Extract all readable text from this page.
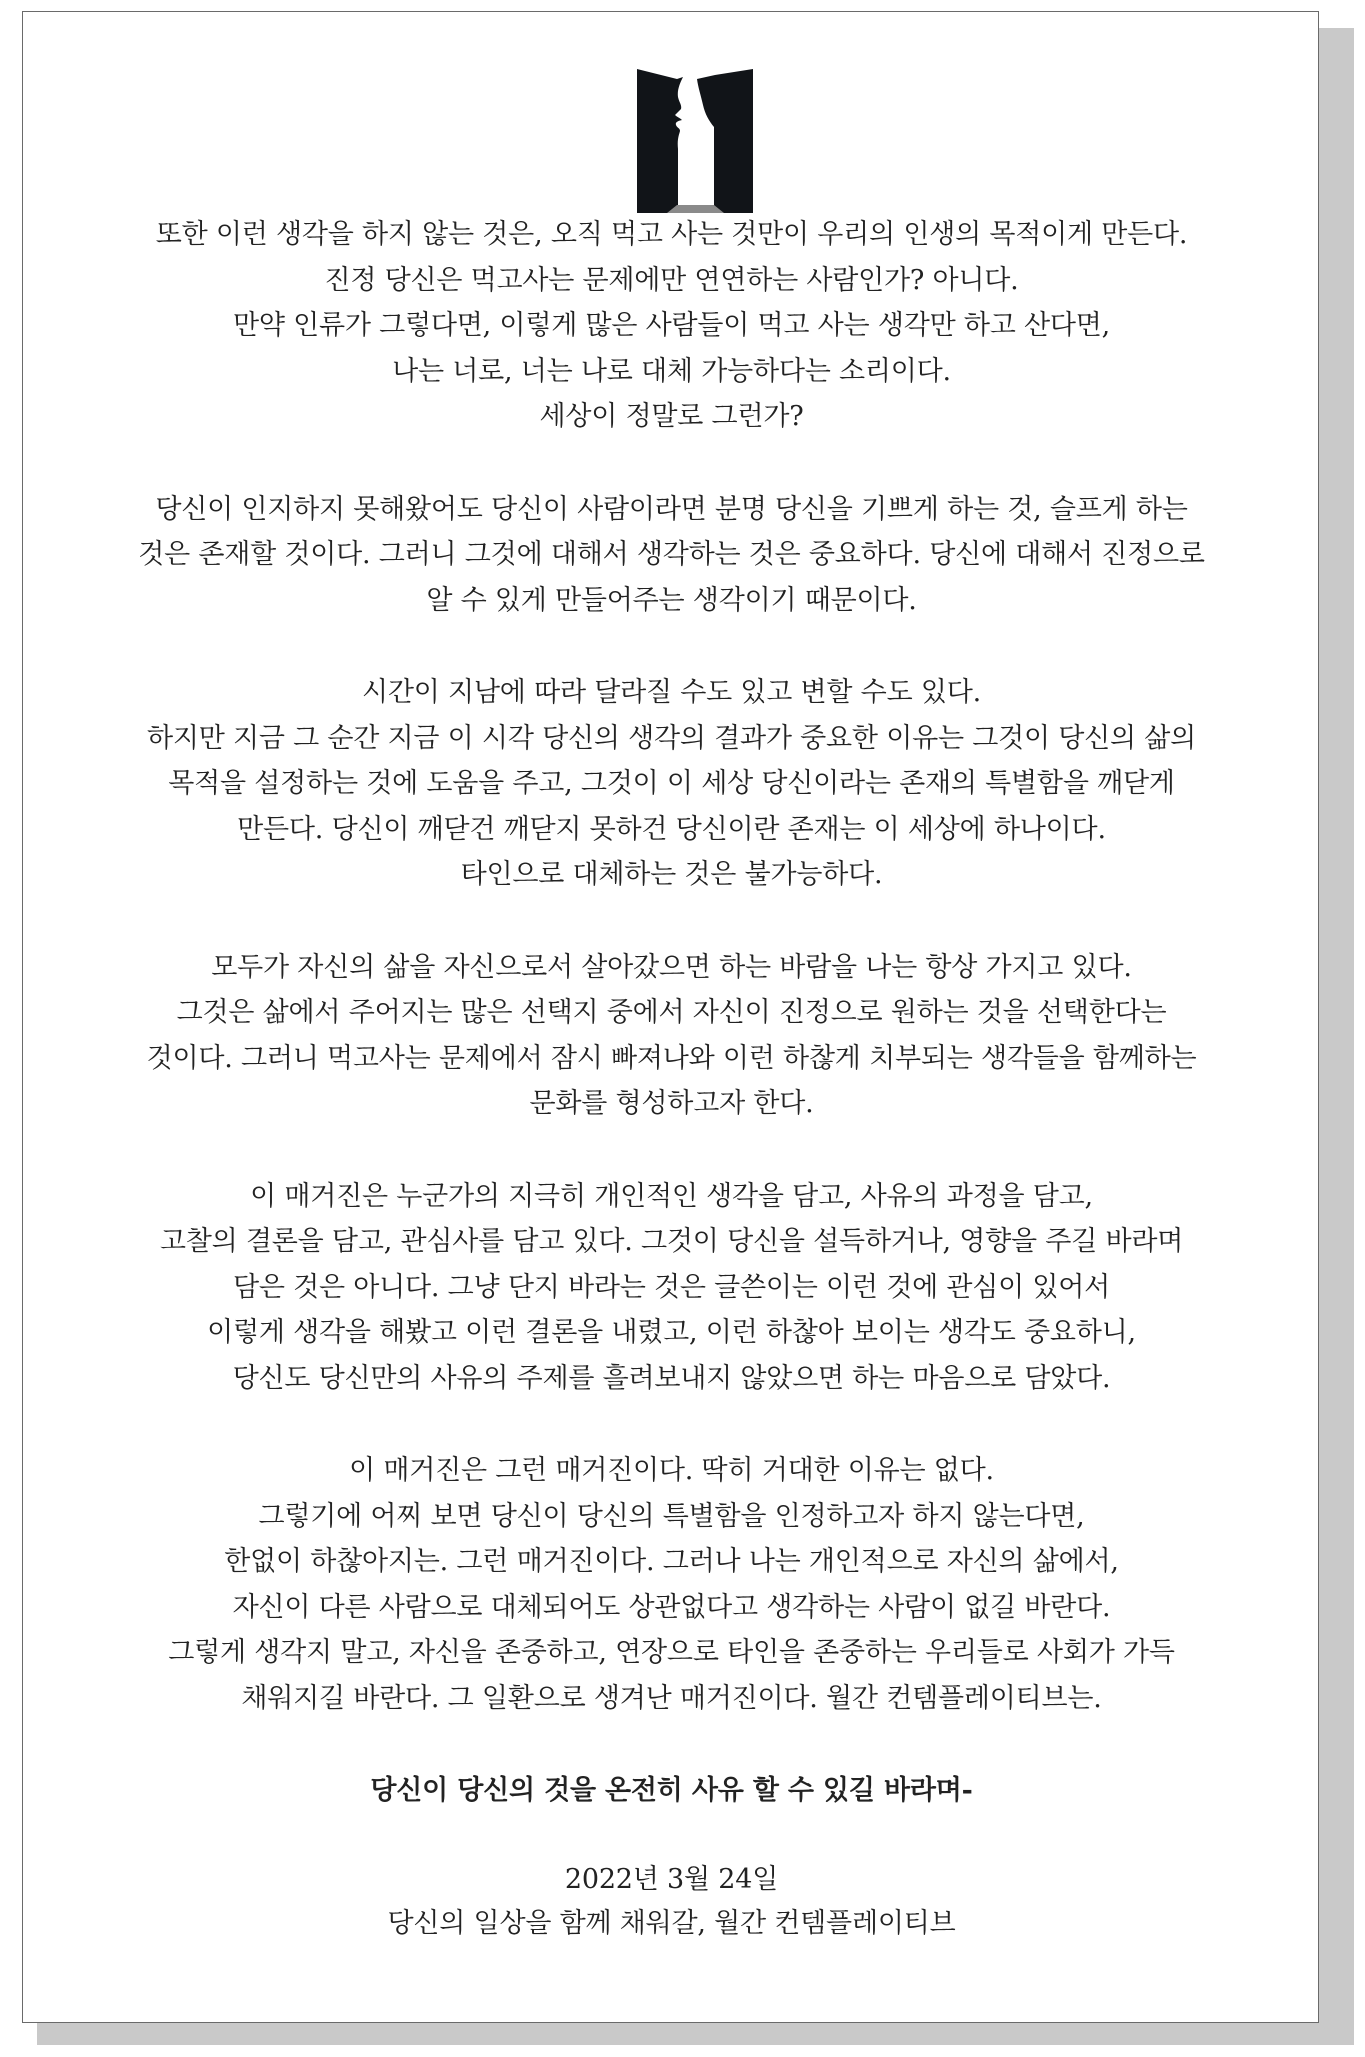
또한 이런 생각을 하지 않는 것은, 오직 먹고 사는 것만이 우리의 인생의 목적이게 만든다.
진정 당신은 먹고사는 문제에만 연연하는 사람인가? 아니다.
만약 인류가 그렇다면, 이렇게 많은 사람들이 먹고 사는 생각만 하고 산다면,
나는 너로, 너는 나로 대체 가능하다는 소리이다.
세상이 정말로 그런가?
당신이 인지하지 못해왔어도 당신이 사람이라면 분명 당신을 기쁘게 하는 것, 슬프게 하는
것은 존재할 것이다. 그러니 그것에 대해서 생각하는 것은 중요하다. 당신에 대해서 진정으로
알 수 있게 만들어주는 생각이기 때문이다.
시간이 지남에 따라 달라질 수도 있고 변할 수도 있다.
하지만 지금 그 순간 지금 이 시각 당신의 생각의 결과가 중요한 이유는 그것이 당신의 삶의
목적을 설정하는 것에 도움을 주고, 그것이 이 세상 당신이라는 존재의 특별함을 깨닫게
만든다. 당신이 깨닫건 깨닫지 못하건 당신이란 존재는 이 세상에 하나이다.
타인으로 대체하는 것은 불가능하다.
모두가 자신의 삶을 자신으로서 살아갔으면 하는 바람을 나는 항상 가지고 있다.
그것은 삶에서 주어지는 많은 선택지 중에서 자신이 진정으로 원하는 것을 선택한다는
것이다. 그러니 먹고사는 문제에서 잠시 빠져나와 이런 하찮게 치부되는 생각들을 함께하는
문화를 형성하고자 한다.
이 매거진은 누군가의 지극히 개인적인 생각을 담고, 사유의 과정을 담고,
고찰의 결론을 담고, 관심사를 담고 있다. 그것이 당신을 설득하거나, 영향을 주길 바라며
담은 것은 아니다. 그냥 단지 바라는 것은 글쓴이는 이런 것에 관심이 있어서
이렇게 생각을 해봤고 이런 결론을 내렸고, 이런 하찮아 보이는 생각도 중요하니,
당신도 당신만의 사유의 주제를 흘려보내지 않았으면 하는 마음으로 담았다.
이 매거진은 그런 매거진이다. 딱히 거대한 이유는 없다.
그렇기에 어찌 보면 당신이 당신의 특별함을 인정하고자 하지 않는다면,
한없이 하찮아지는. 그런 매거진이다. 그러나 나는 개인적으로 자신의 삶에서,
자신이 다른 사람으로 대체되어도 상관없다고 생각하는 사람이 없길 바란다.
그렇게 생각지 말고, 자신을 존중하고, 연장으로 타인을 존중하는 우리들로 사회가 가득
채워지길 바란다. 그 일환으로 생겨난 매거진이다. 월간 컨템플레이티브는.
당신이 당신의 것을 온전히 사유 할 수 있길 바라며-
2022년 3월 24일
당신의 일상을 함께 채워갈, 월간 컨템플레이티브
